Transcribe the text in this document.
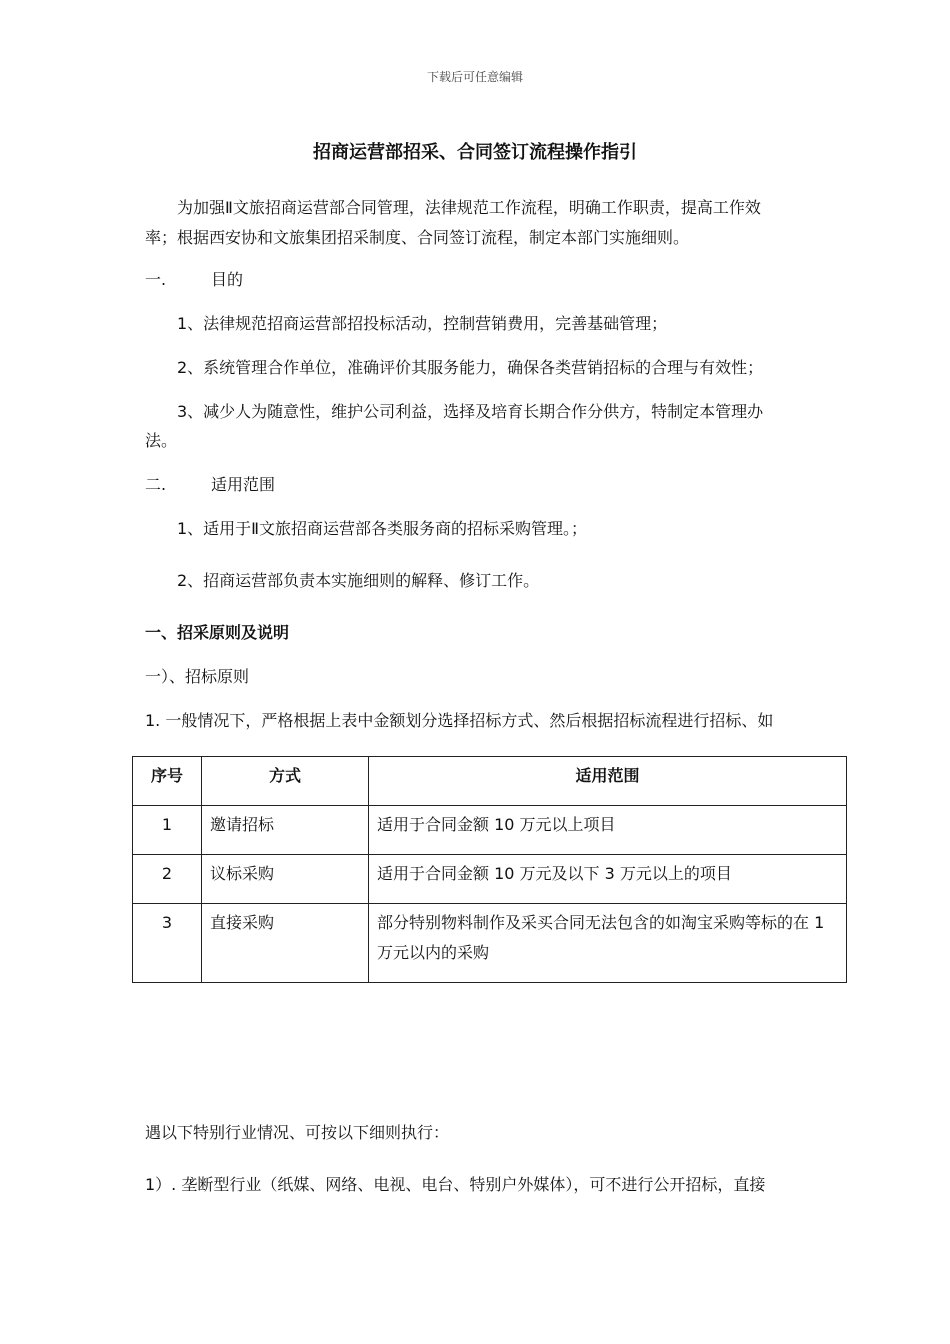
下载后可任意编辑
招商运营部招采、合同签订流程操作指引
为加强Ⅱ文旅招商运营部合同管理，法律规范工作流程，明确工作职责，提高工作效
率；根据西安协和文旅集团招采制度、合同签订流程，制定本部门实施细则。
一.	目的
1、法律规范招商运营部招投标活动，控制营销费用，完善基础管理；
2、系统管理合作单位，准确评价其服务能力，确保各类营销招标的合理与有效性；
3、减少人为随意性，维护公司利益，选择及培育长期合作分供方，特制定本管理办
法。
二.	适用范围
1、适用于Ⅱ文旅招商运营部各类服务商的招标采购管理。；
2、招商运营部负责本实施细则的解释、修订工作。
一、招采原则及说明
一）、招标原则
1. 一般情况下，严格根据上表中金额划分选择招标方式、然后根据招标流程进行招标、如
序号	方式	适用范围
1	邀请招标	适用于合同金额 10 万元以上项目
2	议标采购	适用于合同金额 10 万元及以下 3 万元以上的项目
3	直接采购	部分特别物料制作及采买合同无法包含的如淘宝采购等标的在 1 万元以内的采购
遇以下特别行业情况、可按以下细则执行：
1）. 垄断型行业（纸媒、网络、电视、电台、特别户外媒体），可不进行公开招标，直接
